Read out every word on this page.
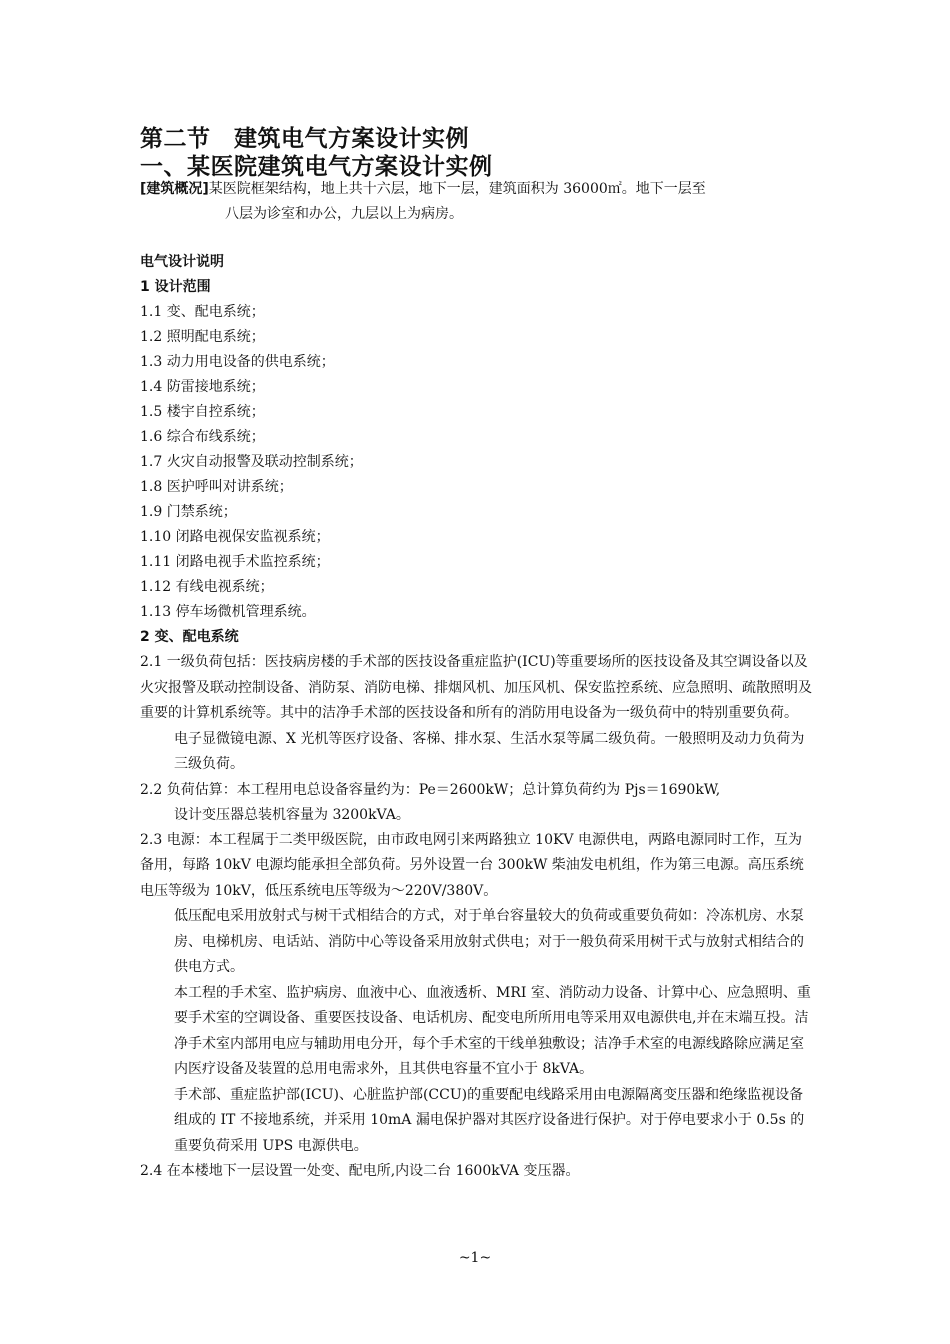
第二节　建筑电气方案设计实例
一、某医院建筑电气方案设计实例
[建筑概况]某医院框架结构，地上共十六层，地下一层，建筑面积为 36000㎡。地下一层至
八层为诊室和办公，九层以上为病房。
电气设计说明
1 设计范围
1.1 变、配电系统；
1.2 照明配电系统；
1.3 动力用电设备的供电系统；
1.4 防雷接地系统；
1.5 楼宇自控系统；
1.6 综合布线系统；
1.7 火灾自动报警及联动控制系统；
1.8 医护呼叫对讲系统；
1.9 门禁系统；
1.10 闭路电视保安监视系统；
1.11 闭路电视手术监控系统；
1.12 有线电视系统；
1.13 停车场微机管理系统。
2 变、配电系统
2.1 一级负荷包括：医技病房楼的手术部的医技设备重症监护(ICU)等重要场所的医技设备及其空调设备以及火灾报警及联动控制设备、消防泵、消防电梯、排烟风机、加压风机、保安监控系统、应急照明、疏散照明及重要的计算机系统等。其中的洁净手术部的医技设备和所有的消防用电设备为一级负荷中的特别重要负荷。
电子显微镜电源、X 光机等医疗设备、客梯、排水泵、生活水泵等属二级负荷。一般照明及动力负荷为三级负荷。
2.2 负荷估算：本工程用电总设备容量约为：Pe＝2600kW；总计算负荷约为 Pjs＝1690kW,
设计变压器总装机容量为 3200kVA。
2.3 电源：本工程属于二类甲级医院，由市政电网引来两路独立 10KV 电源供电，两路电源同时工作，互为备用，每路 10kV 电源均能承担全部负荷。另外设置一台 300kW 柴油发电机组，作为第三电源。高压系统电压等级为 10kV，低压系统电压等级为～220V/380V。
低压配电采用放射式与树干式相结合的方式，对于单台容量较大的负荷或重要负荷如：冷冻机房、水泵房、电梯机房、电话站、消防中心等设备采用放射式供电；对于一般负荷采用树干式与放射式相结合的供电方式。
本工程的手术室、监护病房、血液中心、血液透析、MRI 室、消防动力设备、计算中心、应急照明、重要手术室的空调设备、重要医技设备、电话机房、配变电所所用电等采用双电源供电,并在末端互投。洁净手术室内部用电应与辅助用电分开，每个手术室的干线单独敷设；洁净手术室的电源线路除应满足室内医疗设备及装置的总用电需求外，且其供电容量不宜小于 8kVA。
手术部、重症监护部(ICU)、心脏监护部(CCU)的重要配电线路采用由电源隔离变压器和绝缘监视设备组成的 IT 不接地系统，并采用 10mA 漏电保护器对其医疗设备进行保护。对于停电要求小于 0.5s 的重要负荷采用 UPS 电源供电。
2.4 在本楼地下一层设置一处变、配电所,内设二台 1600kVA 变压器。
~1~
